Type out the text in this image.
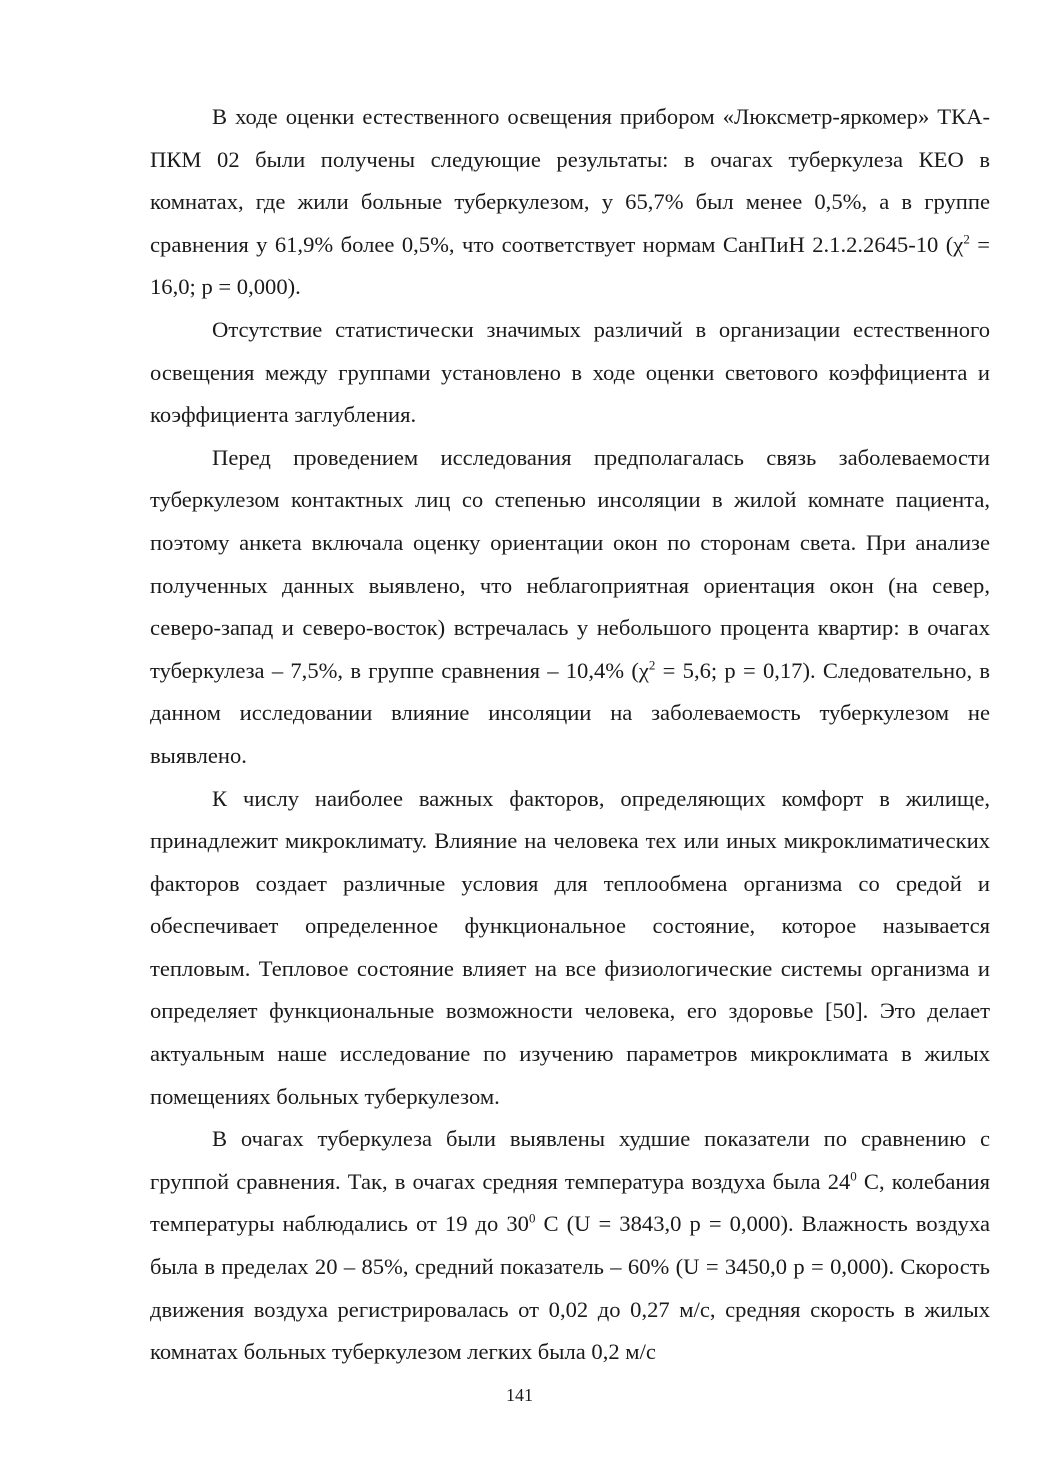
В ходе оценки естественного освещения прибором «Люксметр-яркомер» ТКА-ПКМ 02 были получены следующие результаты: в очагах туберкулеза КЕО в комнатах, где жили больные туберкулезом, у 65,7% был менее 0,5%, а в группе сравнения у 61,9% более 0,5%, что соответствует нормам СанПиН 2.1.2.2645-10 ($\chi^2 = 16,0$; р = 0,000).

Отсутствие статистически значимых различий в организации естественного освещения между группами установлено в ходе оценки светового коэффициента и коэффициента заглубления.

Перед проведением исследования предполагалась связь заболеваемости туберкулезом контактных лиц со степенью инсоляции в жилой комнате пациента, поэтому анкета включала оценку ориентации окон по сторонам света. При анализе полученных данных выявлено, что неблагоприятная ориентация окон (на север, северо-запад и северо-восток) встречалась у небольшого процента квартир: в очагах туберкулеза – 7,5%, в группе сравнения – 10,4% ($\chi^2 = 5,6$; р = 0,17). Следовательно, в данном исследовании влияние инсоляции на заболеваемость туберкулезом не выявлено.

К числу наиболее важных факторов, определяющих комфорт в жилище, принадлежит микроклимату. Влияние на человека тех или иных микроклиматических факторов создает различные условия для теплообмена организма со средой и обеспечивает определенное функциональное состояние, которое называется тепловым. Тепловое состояние влияет на все физиологические системы организма и определяет функциональные возможности человека, его здоровье [50]. Это делает актуальным наше исследование по изучению параметров микроклимата в жилых помещениях больных туберкулезом.

В очагах туберкулеза были выявлены худшие показатели по сравнению с группой сравнения. Так, в очагах средняя температура воздуха была $24^0$ С, колебания температуры наблюдались от 19 до $30^0$ С (U = 3843,0 р = 0,000). Влажность воздуха была в пределах 20 – 85%, средний показатель – 60% (U = 3450,0 р = 0,000). Скорость движения воздуха регистрировалась от 0,02 до 0,27 м/с, средняя скорость в жилых комнатах больных туберкулезом легких была 0,2 м/с

141
